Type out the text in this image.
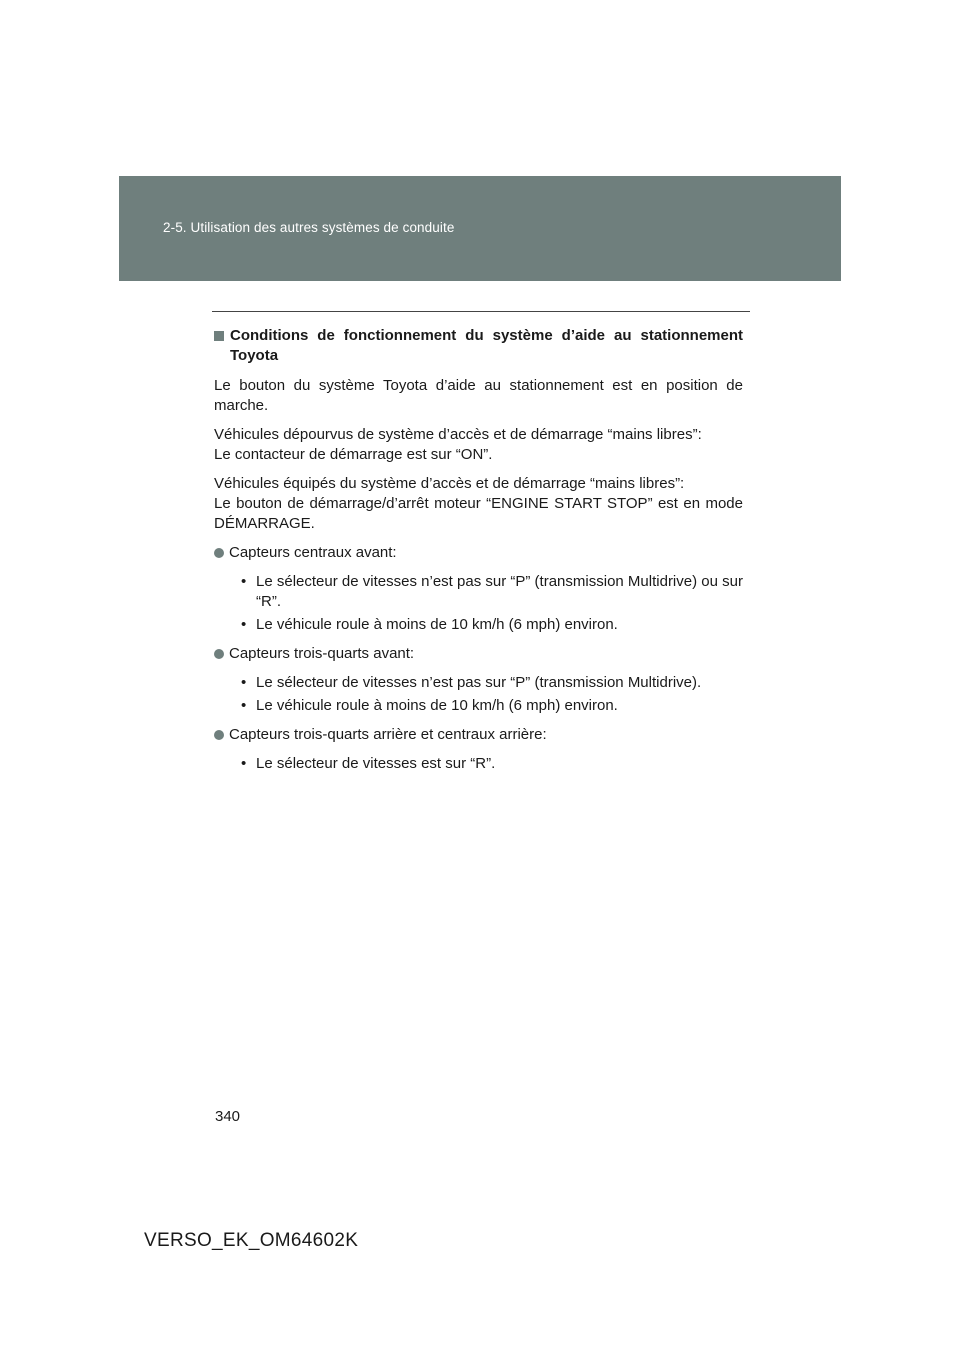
2-5. Utilisation des autres systèmes de conduite
Conditions de fonctionnement du système d’aide au stationnement Toyota

Le bouton du système Toyota d’aide au stationnement est en position de marche.

Véhicules dépourvus de système d’accès et de démarrage “mains libres”:

Le contacteur de démarrage est sur “ON”.

Véhicules équipés du système d’accès et de démarrage “mains libres”:

Le bouton de démarrage/d’arrêt moteur “ENGINE START STOP” est en mode DÉMARRAGE.

Capteurs centraux avant:
• Le sélecteur de vitesses n’est pas sur “P” (transmission Multidrive) ou sur “R”.
• Le véhicule roule à moins de 10 km/h (6 mph) environ.
Capteurs trois-quarts avant:
• Le sélecteur de vitesses n’est pas sur “P” (transmission Multidrive).
• Le véhicule roule à moins de 10 km/h (6 mph) environ.
Capteurs trois-quarts arrière et centraux arrière:
• Le sélecteur de vitesses est sur “R”.
340
VERSO_EK_OM64602K
